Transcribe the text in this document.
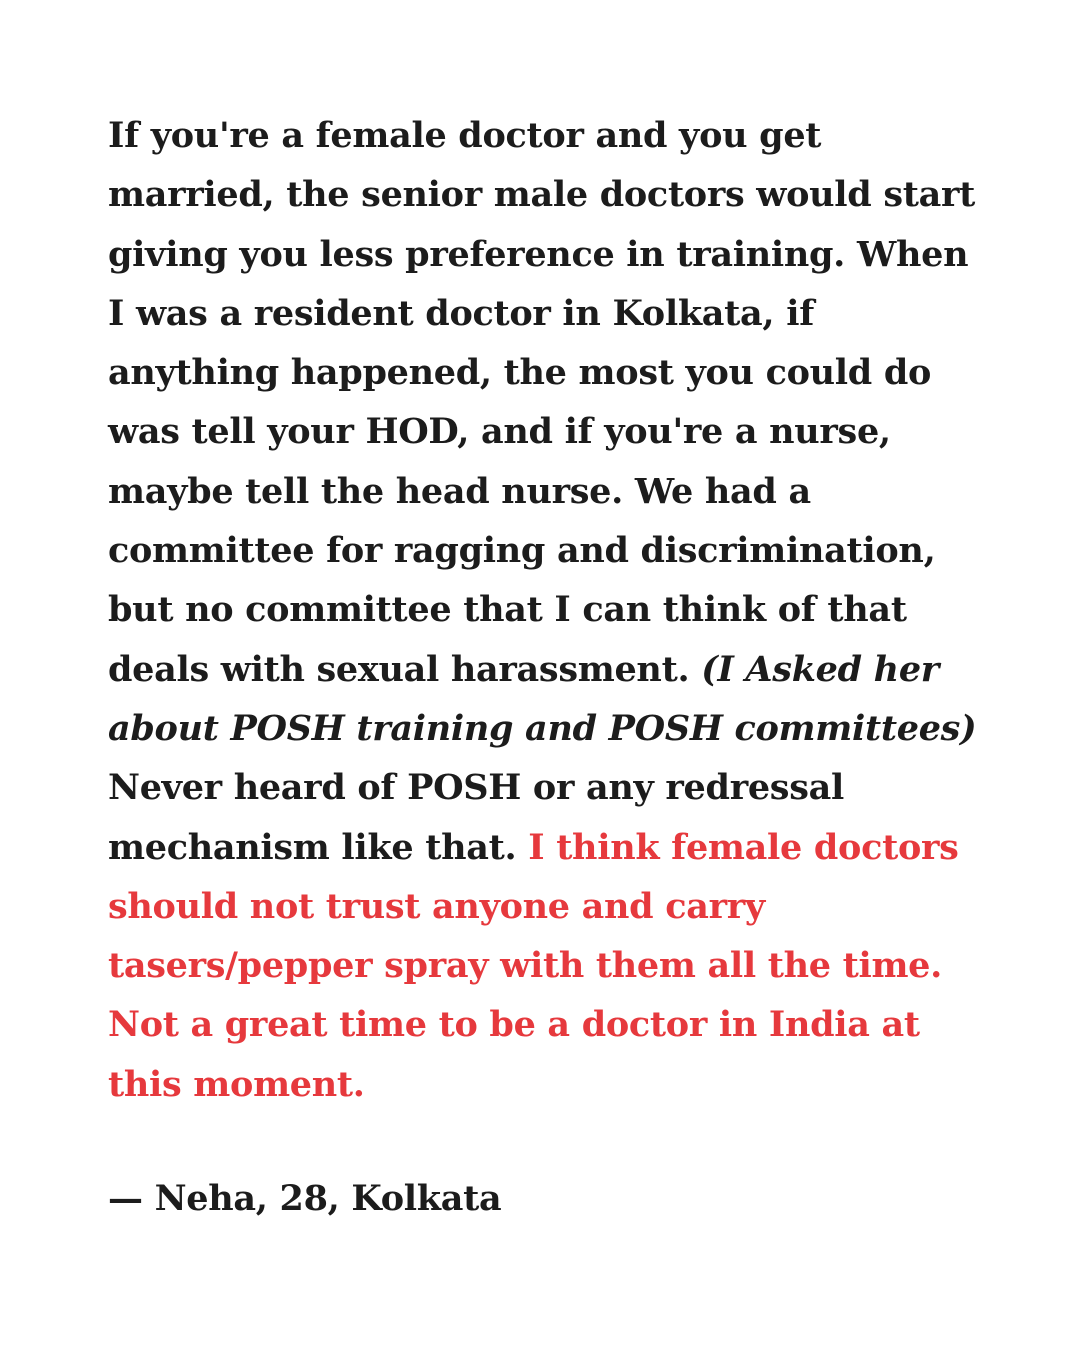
If you're a female doctor and you get married, the senior male doctors would start giving you less preference in training. When I was a resident doctor in Kolkata, if anything happened, the most you could do was tell your HOD, and if you're a nurse, maybe tell the head nurse. We had a committee for ragging and discrimination, but no committee that I can think of that deals with sexual harassment. (I Asked her about POSH training and POSH committees) Never heard of POSH or any redressal mechanism like that. I think female doctors should not trust anyone and carry tasers/pepper spray with them all the time. Not a great time to be a doctor in India at this moment.

— Neha, 28, Kolkata
